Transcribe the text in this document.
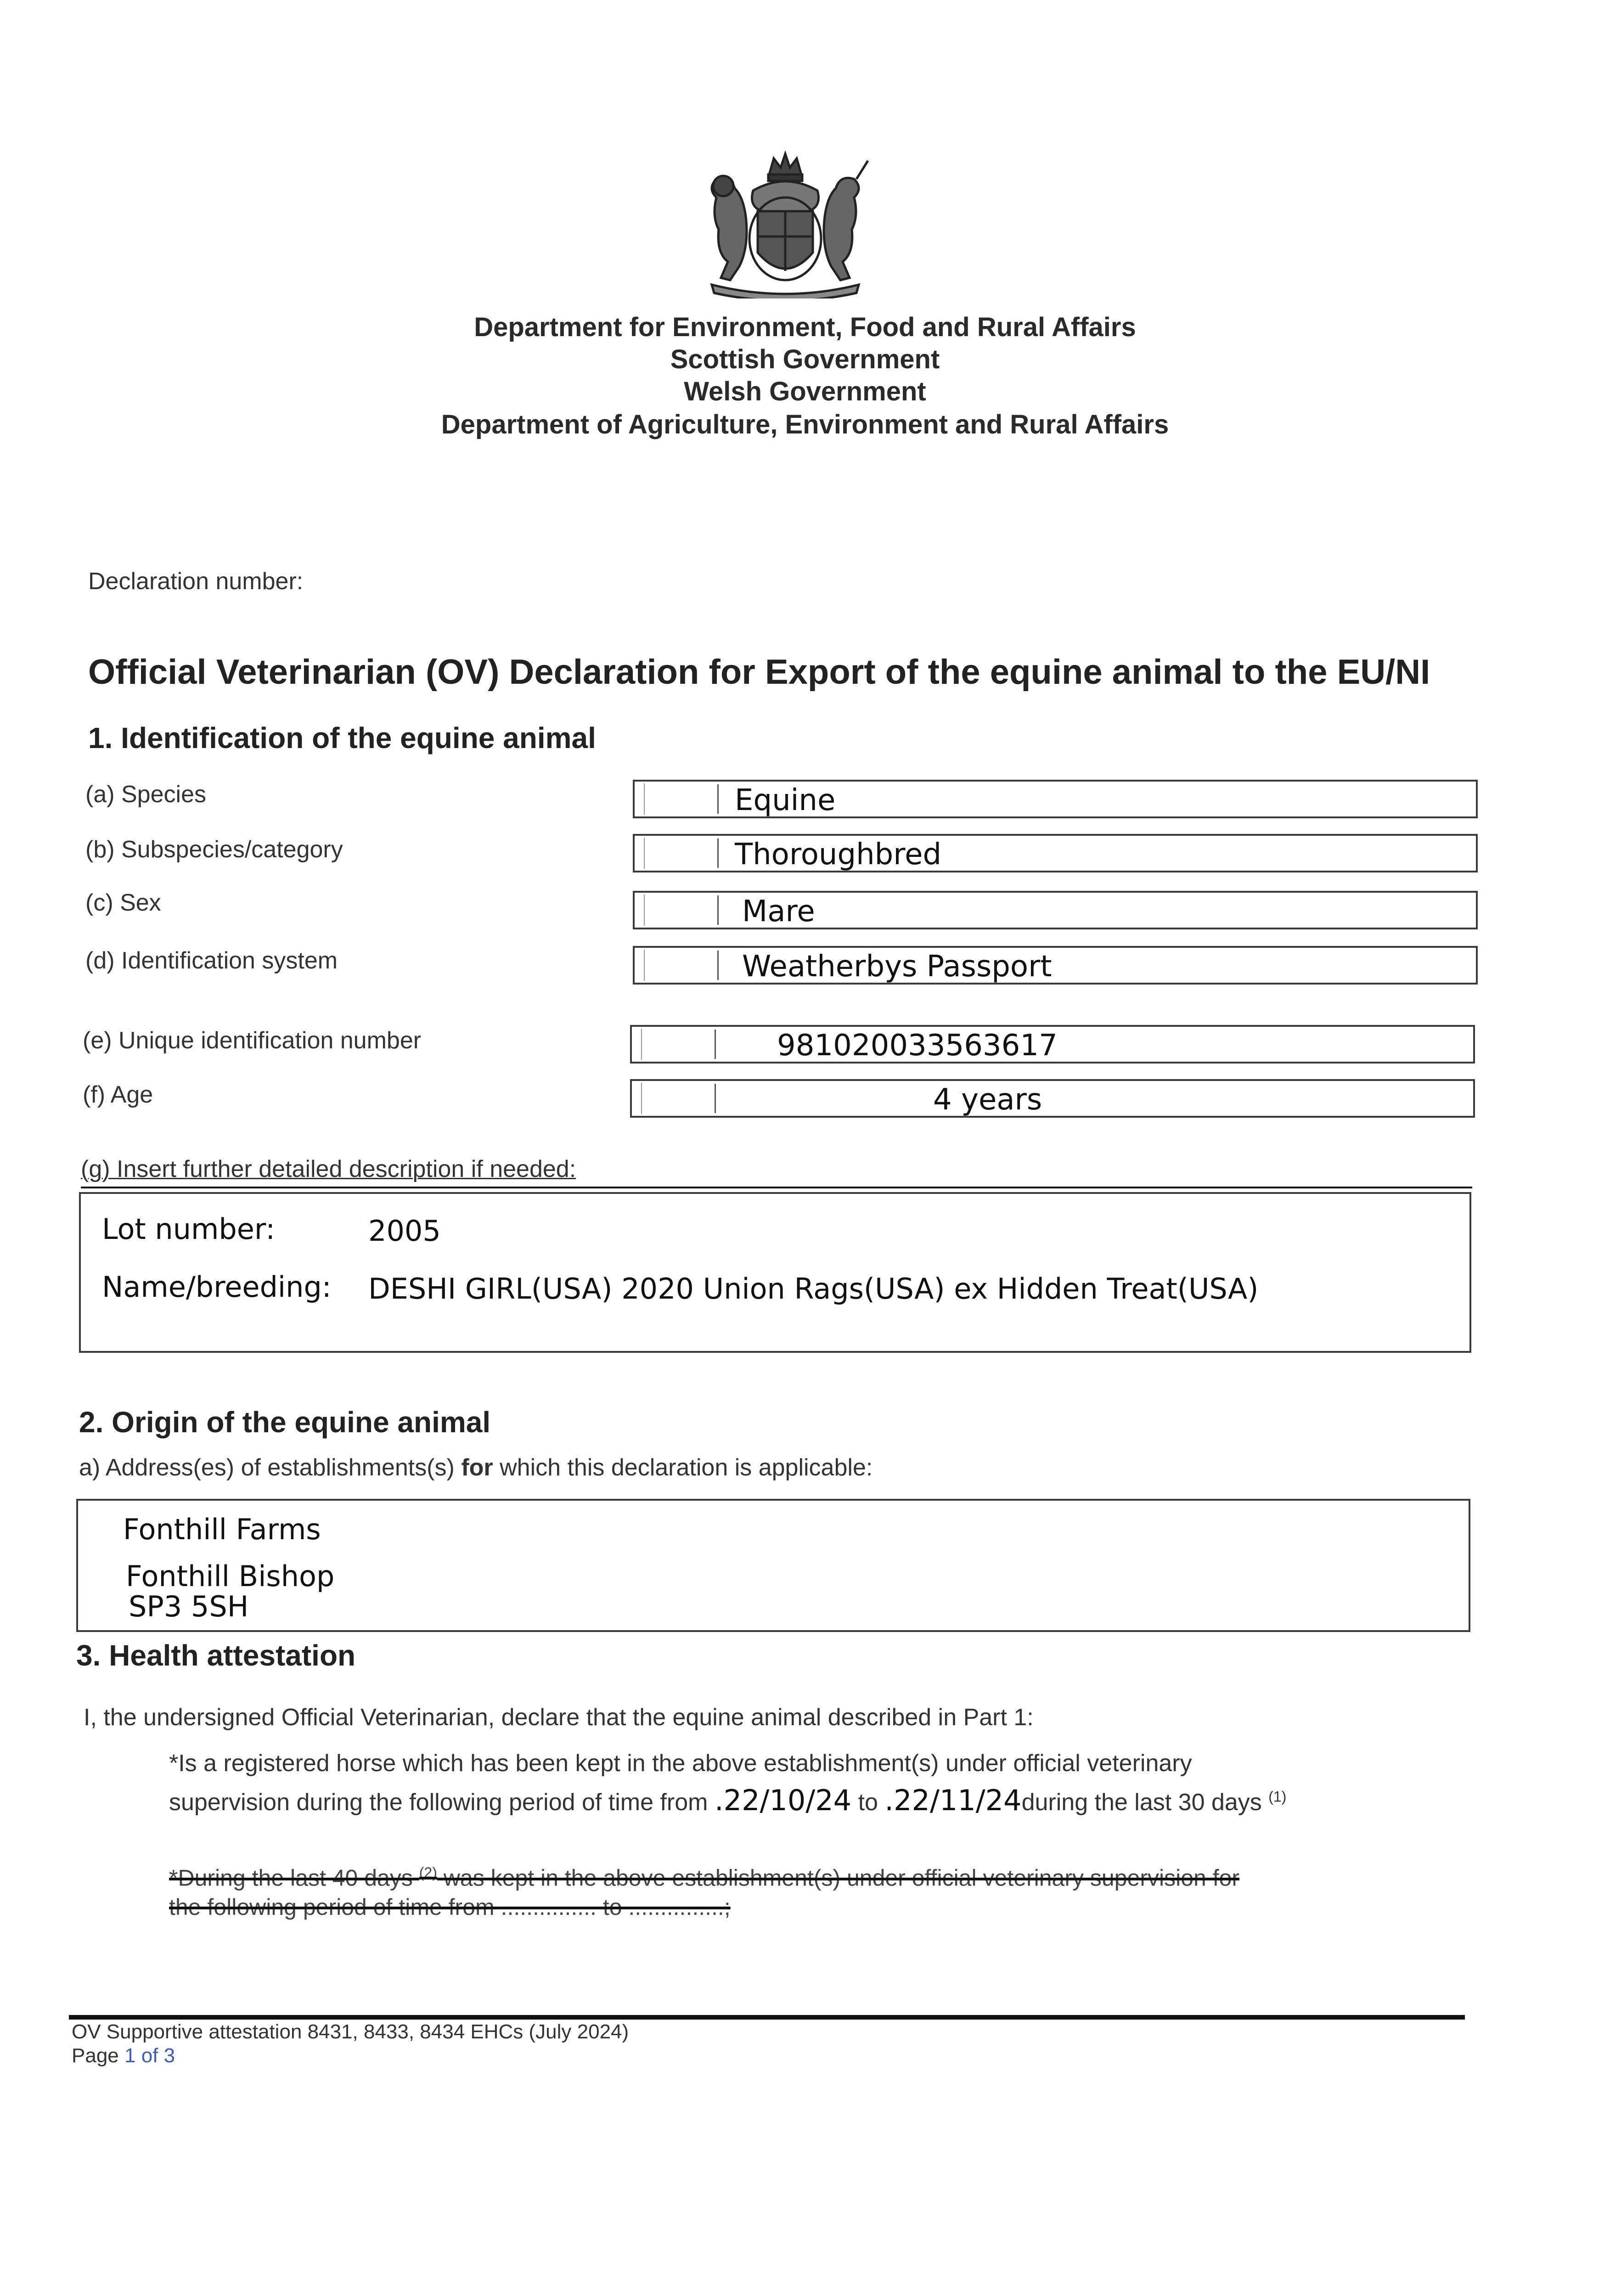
Department for Environment, Food and Rural Affairs
Scottish Government
Welsh Government
Department of Agriculture, Environment and Rural Affairs
Declaration number:
Official Veterinarian (OV) Declaration for Export of the equine animal to the EU/NI
1. Identification of the equine animal
(a) Species	Equine
(b) Subspecies/category	Thoroughbred
(c) Sex	Mare
(d) Identification system	Weatherbys Passport
(e) Unique identification number	981020033563617
(f) Age	4 years
(g) Insert further detailed description if needed:
Lot number:	2005
Name/breeding: DESHI GIRL(USA) 2020 Union Rags(USA) ex Hidden Treat(USA)
2. Origin of the equine animal
a) Address(es) of establishments(s) for which this declaration is applicable:
Fonthill Farms
Fonthill Bishop
SP3 5SH
3. Health attestation
I, the undersigned Official Veterinarian, declare that the equine animal described in Part 1:
*Is a registered horse which has been kept in the above establishment(s) under official veterinary
supervision during the following period of time from .22/10/24 to .22/11/24during the last 30 days $^{(1)}$
*During the last 40 days $^{(2)}$ was kept in the above establishment(s) under official veterinary supervision for
the following period of time from ............... to ...............;
OV Supportive attestation 8431, 8433, 8434 EHCs (July 2024)
Page 1 of 3
